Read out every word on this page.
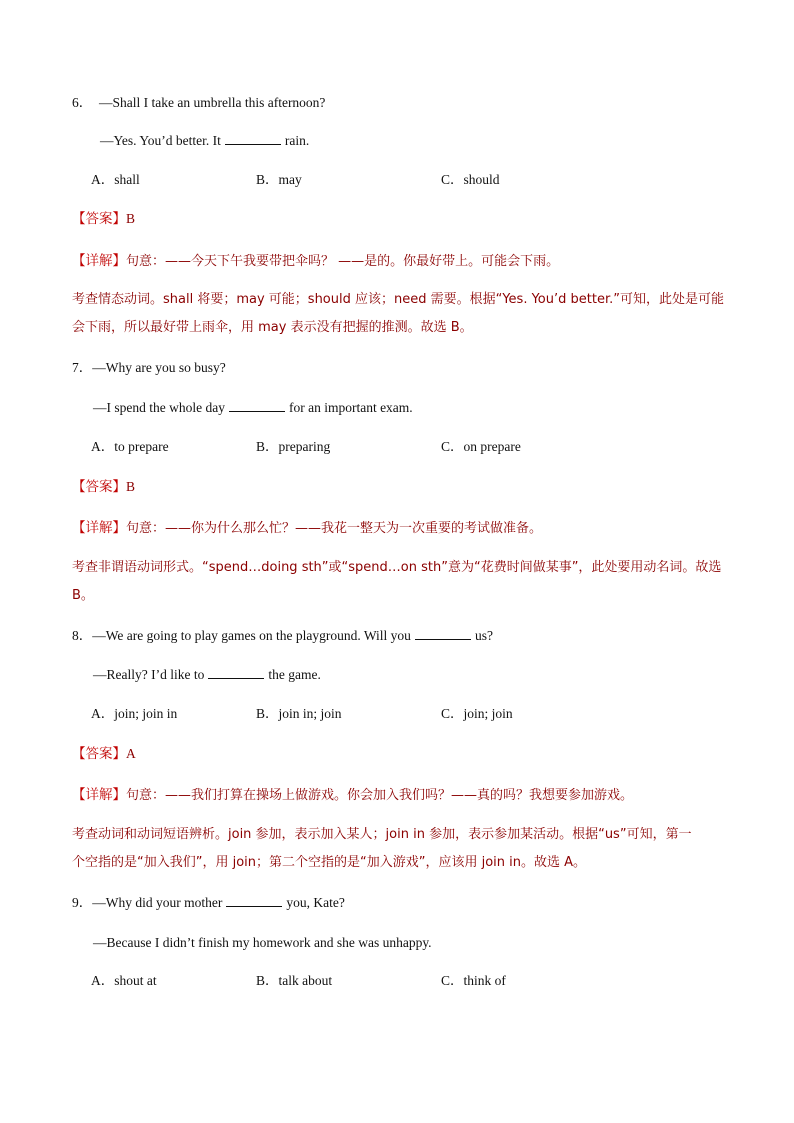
6． —Shall I take an umbrella this afternoon?
—Yes. You’d better. It	rain.
A．shall	B．may	C．should
【答案】B
【详解】句意：——今天下午我要带把伞吗？ ——是的。你最好带上。可能会下雨。
考查情态动词。shall 将要；may 可能；should 应该；need 需要。根据“Yes. You’d better.”可知，此处是可能
会下雨，所以最好带上雨伞，用 may 表示没有把握的推测。故选 B。
7．—Why are you so busy?
—I spend the whole day	for an important exam.
A．to prepare	B．preparing	C．on prepare
【答案】B
【详解】句意：——你为什么那么忙？——我花一整天为一次重要的考试做准备。
考查非谓语动词形式。“spend…doing sth”或“spend…on sth”意为“花费时间做某事”，此处要用动名词。故选
B。
8．—We are going to play games on the playground. Will you	us?
—Really? I’d like to	the game.
A．join; join in	B．join in; join	C．join; join
【答案】A
【详解】句意：——我们打算在操场上做游戏。你会加入我们吗？——真的吗？我想要参加游戏。
考查动词和动词短语辨析。join 参加，表示加入某人；join in 参加，表示参加某活动。根据“us”可知，第一
个空指的是“加入我们”，用 join；第二个空指的是“加入游戏”，应该用 join in。故选 A。
9．—Why did your mother	you, Kate?
—Because I didn’t finish my homework and she was unhappy.
A．shout at	B．talk about	C．think of
